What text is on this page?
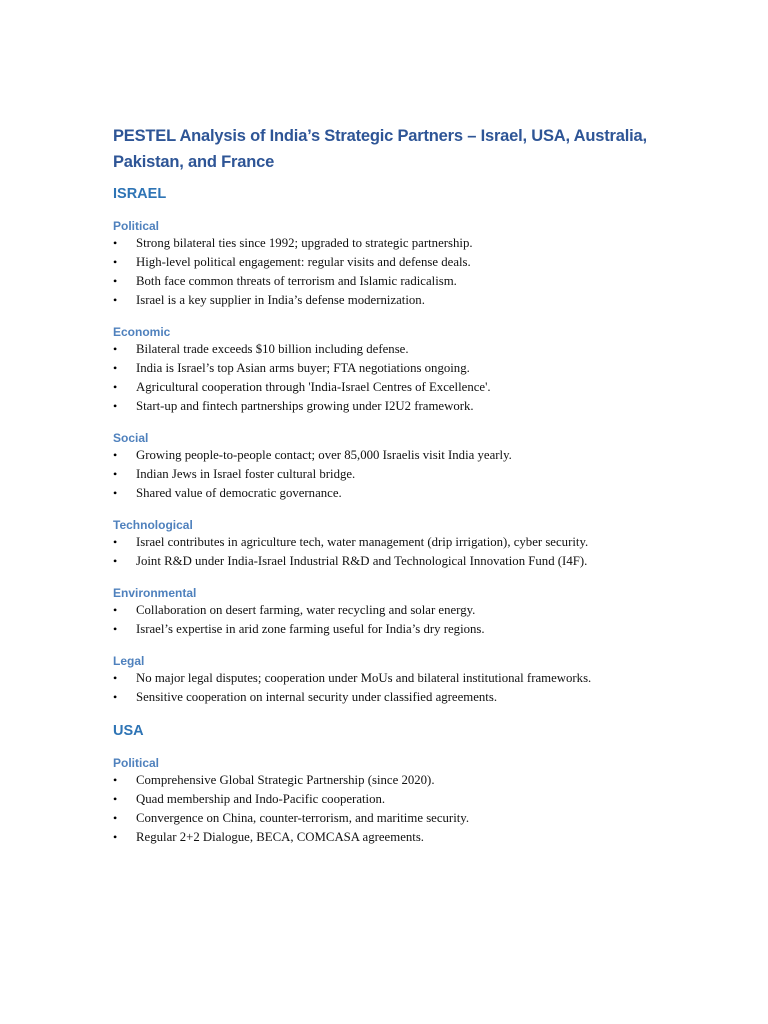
PESTEL Analysis of India’s Strategic Partners – Israel, USA, Australia, Pakistan, and France
ISRAEL
Political
• Strong bilateral ties since 1992; upgraded to strategic partnership.
• High-level political engagement: regular visits and defense deals.
• Both face common threats of terrorism and Islamic radicalism.
• Israel is a key supplier in India’s defense modernization.
Economic
• Bilateral trade exceeds $10 billion including defense.
• India is Israel’s top Asian arms buyer; FTA negotiations ongoing.
• Agricultural cooperation through 'India-Israel Centres of Excellence'.
• Start-up and fintech partnerships growing under I2U2 framework.
Social
• Growing people-to-people contact; over 85,000 Israelis visit India yearly.
• Indian Jews in Israel foster cultural bridge.
• Shared value of democratic governance.
Technological
• Israel contributes in agriculture tech, water management (drip irrigation), cyber security.
• Joint R&D under India-Israel Industrial R&D and Technological Innovation Fund (I4F).
Environmental
• Collaboration on desert farming, water recycling and solar energy.
• Israel’s expertise in arid zone farming useful for India’s dry regions.
Legal
• No major legal disputes; cooperation under MoUs and bilateral institutional frameworks.
• Sensitive cooperation on internal security under classified agreements.
USA
Political
• Comprehensive Global Strategic Partnership (since 2020).
• Quad membership and Indo-Pacific cooperation.
• Convergence on China, counter-terrorism, and maritime security.
• Regular 2+2 Dialogue, BECA, COMCASA agreements.
